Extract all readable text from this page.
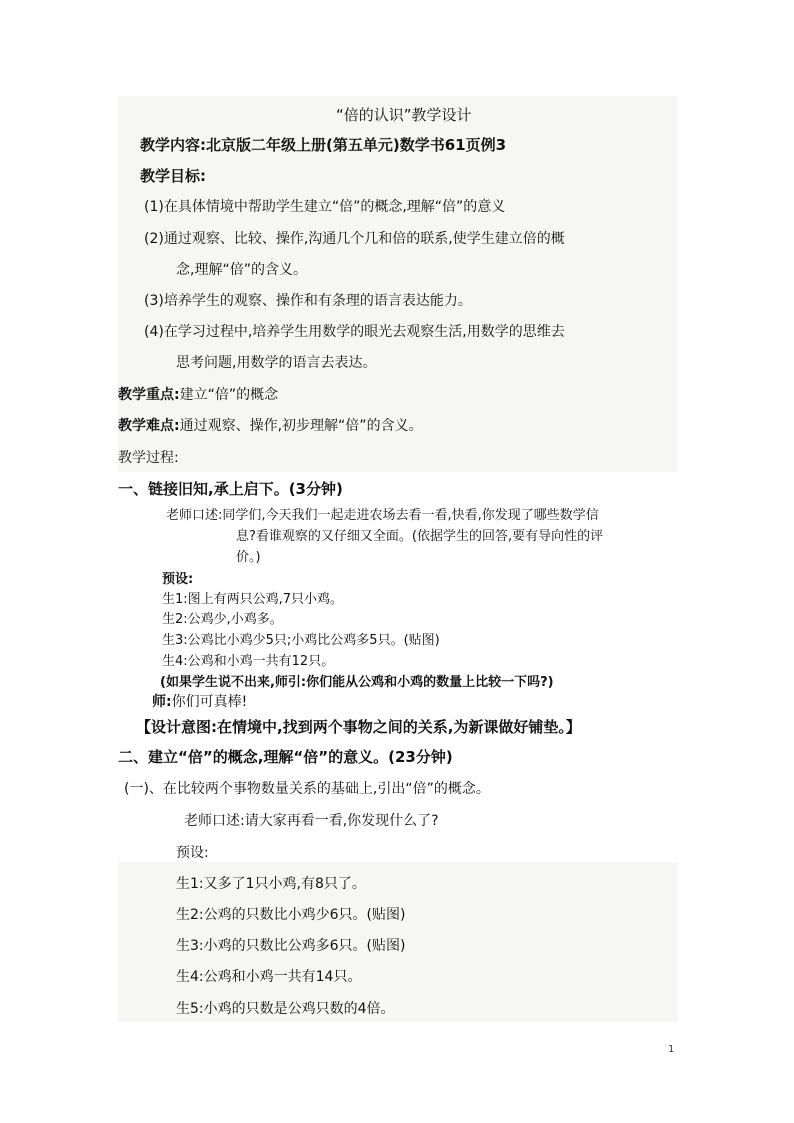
“倍的认识”教学设计
教学内容:北京版二年级上册(第五单元)数学书61页例3
教学目标:
(1)在具体情境中帮助学生建立“倍”的概念,理解“倍”的意义
(2)通过观察、比较、操作,沟通几个几和倍的联系,使学生建立倍的概
念,理解“倍”的含义。
(3)培养学生的观察、操作和有条理的语言表达能力。
(4)在学习过程中,培养学生用数学的眼光去观察生活,用数学的思维去
思考问题,用数学的语言去表达。
教学重点:建立“倍”的概念
教学难点:通过观察、操作,初步理解“倍”的含义。
教学过程:
一、链接旧知,承上启下。(3分钟)
老师口述:同学们,今天我们一起走进农场去看一看,快看,你发现了哪些数学信
息?看谁观察的又仔细又全面。(依据学生的回答,要有导向性的评
价。)
预设:
生1:图上有两只公鸡,7只小鸡。
生2:公鸡少,小鸡多。
生3:公鸡比小鸡少5只;小鸡比公鸡多5只。(贴图)
生4:公鸡和小鸡一共有12只。
(如果学生说不出来,师引:你们能从公鸡和小鸡的数量上比较一下吗?)
师:你们可真棒!
【设计意图:在情境中,找到两个事物之间的关系,为新课做好铺垫。】
二、建立“倍”的概念,理解“倍”的意义。(23分钟)
(一)、在比较两个事物数量关系的基础上,引出“倍”的概念。
老师口述:请大家再看一看,你发现什么了?
预设:
生1:又多了1只小鸡,有8只了。
生2:公鸡的只数比小鸡少6只。(贴图)
生3:小鸡的只数比公鸡多6只。(贴图)
生4:公鸡和小鸡一共有14只。
生5:小鸡的只数是公鸡只数的4倍。
1
